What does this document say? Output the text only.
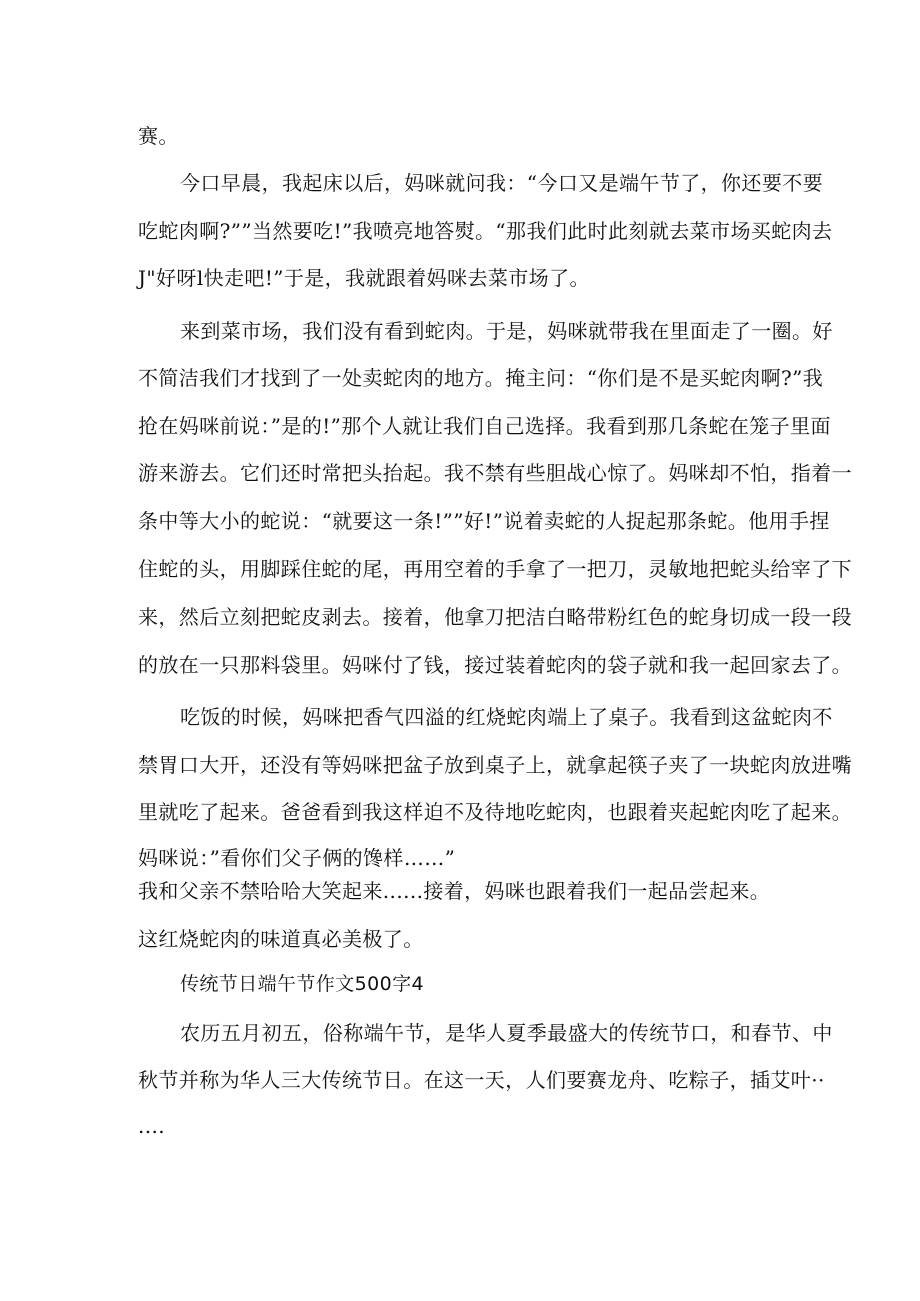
赛。
今口早晨，我起床以后，妈咪就问我：“今口又是端午节了，你还要不要
吃蛇肉啊?””当然要吃!”我喷亮地答熨。“那我们此时此刻就去菜市场买蛇肉去
J"好呀l快走吧!”于是，我就跟着妈咪去菜市场了。
来到菜市场，我们没有看到蛇肉。于是，妈咪就带我在里面走了一圈。好
不简洁我们才找到了一处卖蛇肉的地方。掩主问：“你们是不是买蛇肉啊?”我
抢在妈咪前说：”是的!”那个人就让我们自己选择。我看到那几条蛇在笼子里面
游来游去。它们还时常把头抬起。我不禁有些胆战心惊了。妈咪却不怕，指着一
条中等大小的蛇说：“就要这一条!””好!”说着卖蛇的人捉起那条蛇。他用手捏
住蛇的头，用脚踩住蛇的尾，再用空着的手拿了一把刀，灵敏地把蛇头给宰了下
来，然后立刻把蛇皮剥去。接着，他拿刀把洁白略带粉红色的蛇身切成一段一段
的放在一只那料袋里。妈咪付了钱，接过装着蛇肉的袋子就和我一起回家去了。
吃饭的时候，妈咪把香气四溢的红烧蛇肉端上了桌子。我看到这盆蛇肉不
禁胃口大开，还没有等妈咪把盆子放到桌子上，就拿起筷子夹了一块蛇肉放进嘴
里就吃了起来。爸爸看到我这样迫不及待地吃蛇肉，也跟着夹起蛇肉吃了起来。
妈咪说：”看你们父子俩的馋样……”
我和父亲不禁哈哈大笑起来......接着，妈咪也跟着我们一起品尝起来。
这红烧蛇肉的味道真必美极了。
传统节日端午节作文500字4
农历五月初五，俗称端午节，是华人夏季最盛大的传统节口，和春节、中
秋节并称为华人三大传统节日。在这一天，人们要赛龙舟、吃粽子，插艾叶··
....
